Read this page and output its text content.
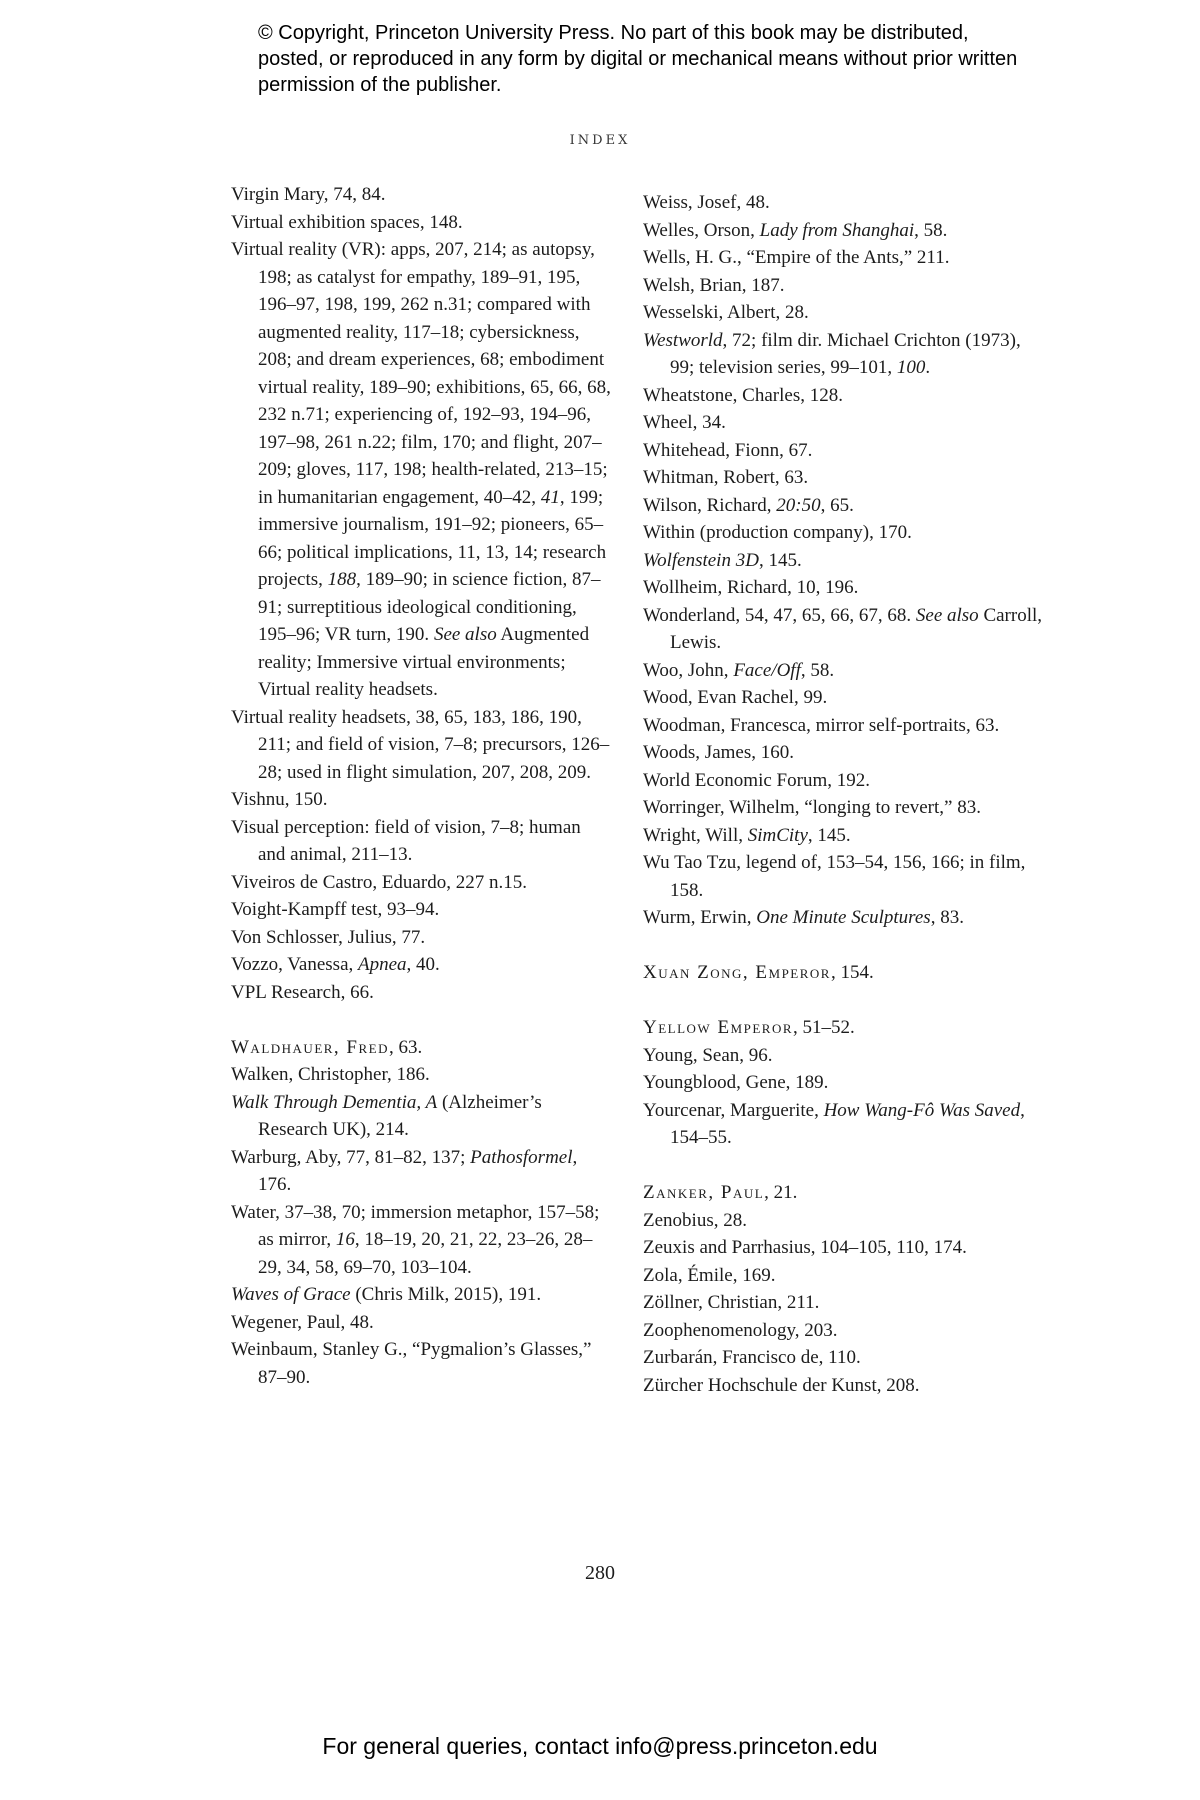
© Copyright, Princeton University Press. No part of this book may be distributed, posted, or reproduced in any form by digital or mechanical means without prior written permission of the publisher.
INDEX

Virgin Mary, 74, 84.

Virtual exhibition spaces, 148.

Virtual reality (VR): apps, 207, 214; as autopsy, 198; as catalyst for empathy, 189–91, 195, 196–97, 198, 199, 262 n.31; compared with augmented reality, 117–18; cybersickness, 208; and dream experiences, 68; embodiment virtual reality, 189–90; exhibitions, 65, 66, 68, 232 n.71; experiencing of, 192–93, 194–96, 197–98, 261 n.22; film, 170; and flight, 207–209; gloves, 117, 198; health-related, 213–15; in humanitarian engagement, 40–42, 41, 199; immersive journalism, 191–92; pioneers, 65–66; political implications, 11, 13, 14; research projects, 188, 189–90; in science fiction, 87–91; surreptitious ideological conditioning, 195–96; VR turn, 190. See also Augmented reality; Immersive virtual environments; Virtual reality headsets.

Virtual reality headsets, 38, 65, 183, 186, 190, 211; and field of vision, 7–8; precursors, 126–28; used in flight simulation, 207, 208, 209.

Vishnu, 150.

Visual perception: field of vision, 7–8; human and animal, 211–13.

Viveiros de Castro, Eduardo, 227 n.15.

Voight-Kampff test, 93–94.

Von Schlosser, Julius, 77.

Vozzo, Vanessa, Apnea, 40.

VPL Research, 66.

Waldhauer, Fred, 63.

Walken, Christopher, 186.

Walk Through Dementia, A (Alzheimer’s Research UK), 214.

Warburg, Aby, 77, 81–82, 137; Pathosformel, 176.

Water, 37–38, 70; immersion metaphor, 157–58; as mirror, 16, 18–19, 20, 21, 22, 23–26, 28–29, 34, 58, 69–70, 103–104.

Waves of Grace (Chris Milk, 2015), 191.

Wegener, Paul, 48.

Weinbaum, Stanley G., “Pygmalion’s Glasses,” 87–90.

Weiss, Josef, 48.

Welles, Orson, Lady from Shanghai, 58.

Wells, H. G., “Empire of the Ants,” 211.

Welsh, Brian, 187.

Wesselski, Albert, 28.

Westworld, 72; film dir. Michael Crichton (1973), 99; television series, 99–101, 100.

Wheatstone, Charles, 128.

Wheel, 34.

Whitehead, Fionn, 67.

Whitman, Robert, 63.

Wilson, Richard, 20:50, 65.

Within (production company), 170.

Wolfenstein 3D, 145.

Wollheim, Richard, 10, 196.

Wonderland, 54, 47, 65, 66, 67, 68. See also Carroll, Lewis.

Woo, John, Face/Off, 58.

Wood, Evan Rachel, 99.

Woodman, Francesca, mirror self-portraits, 63.

Woods, James, 160.

World Economic Forum, 192.

Worringer, Wilhelm, “longing to revert,” 83.

Wright, Will, SimCity, 145.

Wu Tao Tzu, legend of, 153–54, 156, 166; in film, 158.

Wurm, Erwin, One Minute Sculptures, 83.

Xuan Zong, Emperor, 154.

Yellow Emperor, 51–52.

Young, Sean, 96.

Youngblood, Gene, 189.

Yourcenar, Marguerite, How Wang-Fô Was Saved, 154–55.

Zanker, Paul, 21.

Zenobius, 28.

Zeuxis and Parrhasius, 104–105, 110, 174.

Zola, Émile, 169.

Zöllner, Christian, 211.

Zoophenomenology, 203.

Zurbarán, Francisco de, 110.

Zürcher Hochschule der Kunst, 208.

280
For general queries, contact info@press.princeton.edu
